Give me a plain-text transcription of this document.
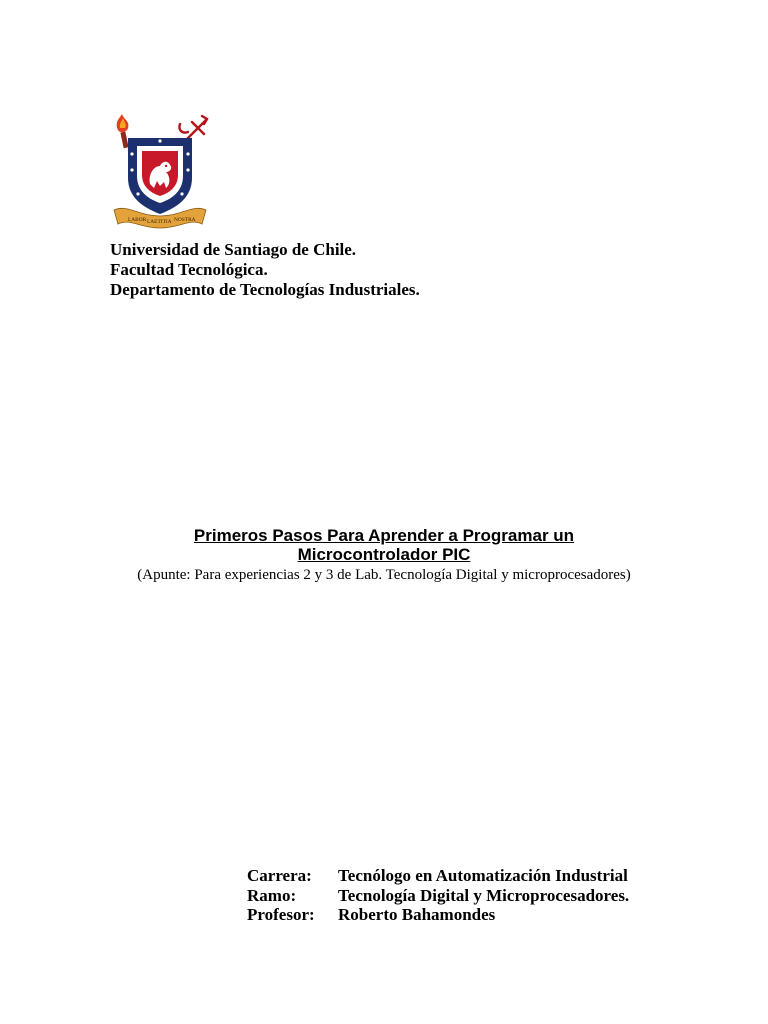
LABOR LAETITIA NOSTRA
Universidad de Santiago de Chile.
Facultad Tecnológica.
Departamento de Tecnologías Industriales.
Primeros Pasos Para Aprender a Programar un
Microcontrolador PIC
(Apunte: Para experiencias 2 y 3 de Lab. Tecnología Digital y microprocesadores)
Carrera:	Tecnólogo en Automatización Industrial
Ramo:	Tecnología Digital y Microprocesadores.
Profesor:	Roberto Bahamondes
